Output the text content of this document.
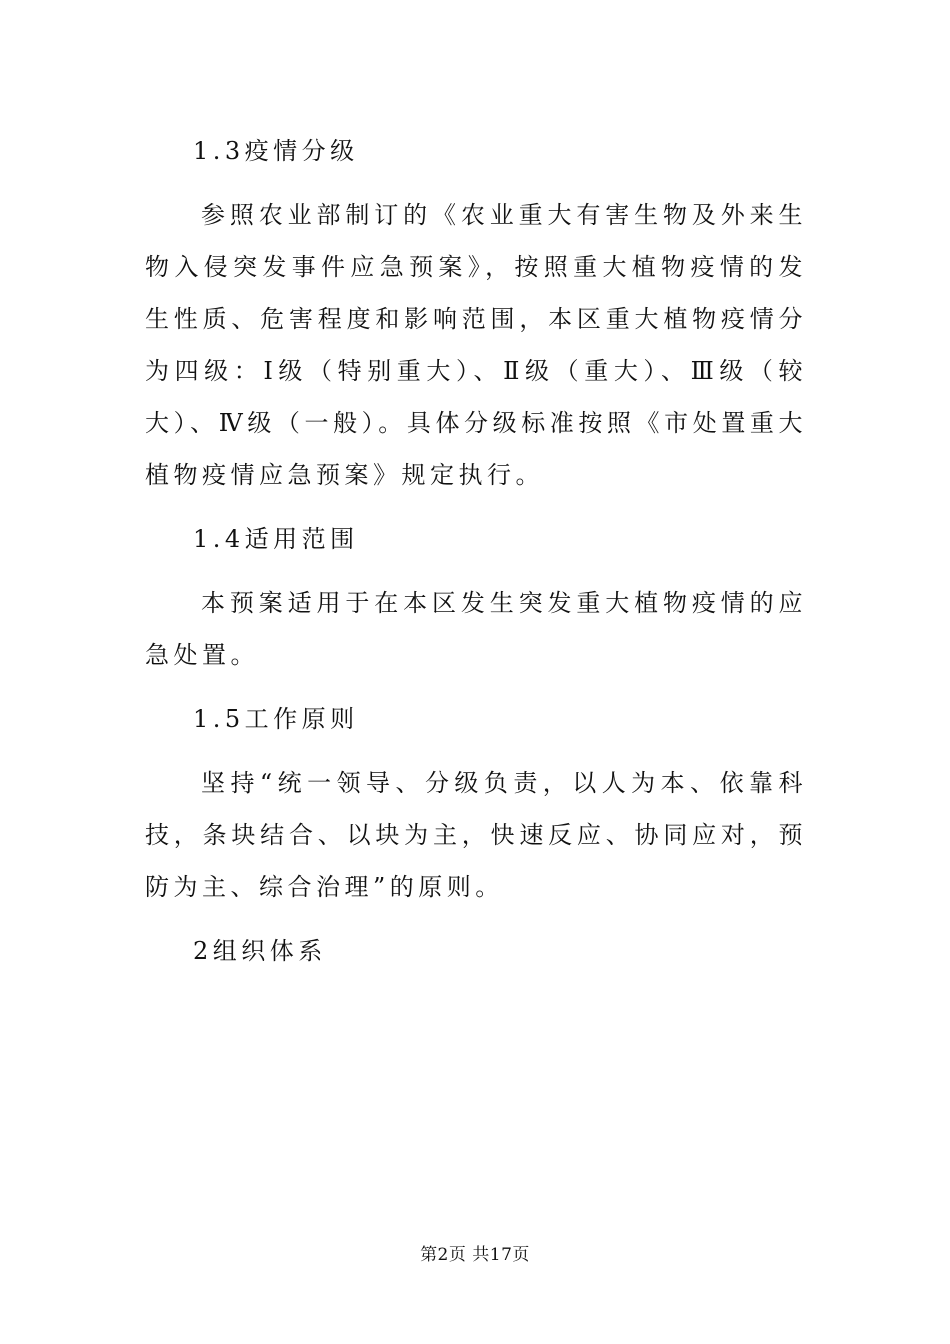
1.3疫情分级
参照农业部制订的《农业重大有害生物及外来生物入侵突发事件应急预案》，按照重大植物疫情的发生性质、危害程度和影响范围，本区重大植物疫情分为四级：Ⅰ级（特别重大）、Ⅱ级（重大）、Ⅲ级（较大）、Ⅳ级（一般）。具体分级标准按照《市处置重大植物疫情应急预案》规定执行。
1.4适用范围
本预案适用于在本区发生突发重大植物疫情的应急处置。
1.5工作原则
坚持“统一领导、分级负责，以人为本、依靠科技，条块结合、以块为主，快速反应、协同应对，预防为主、综合治理”的原则。
2组织体系
第2页 共17页
